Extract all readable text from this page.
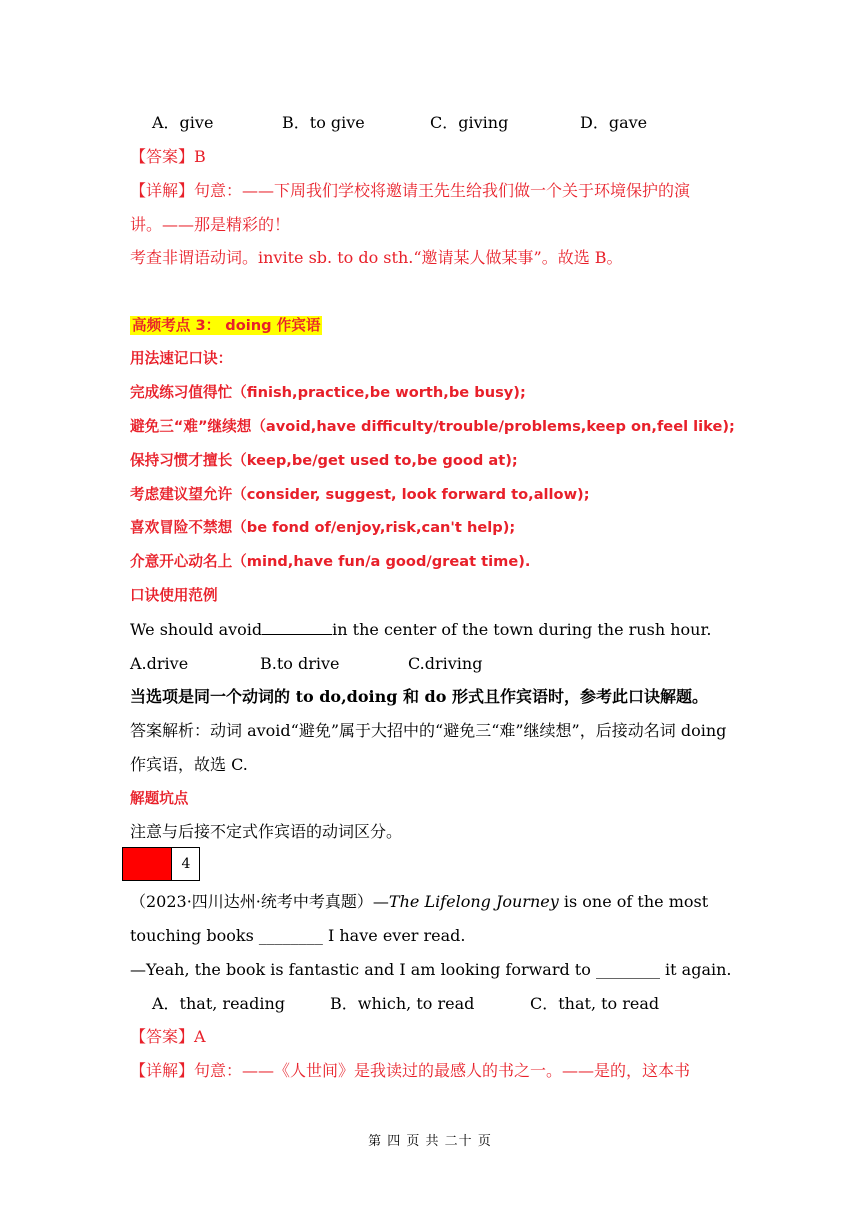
A．give	B．to give	C．giving	D．gave
【答案】B
【详解】句意：——下周我们学校将邀请王先生给我们做一个关于环境保护的演
讲。——那是精彩的！
考查非谓语动词。invite sb. to do sth.“邀请某人做某事”。故选 B。
高频考点 3： doing 作宾语
用法速记口诀：
完成练习值得忙（finish,practice,be worth,be busy);
避免三“难”继续想（avoid,have difficulty/trouble/problems,keep on,feel like);
保持习惯才擅长（keep,be/get used to,be good at);
考虑建议望允许（consider, suggest, look forward to,allow);
喜欢冒险不禁想（be fond of/enjoy,risk,can't help);
介意开心动名上（mind,have fun/a good/great time).
口诀使用范例
We should avoid	in the center of the town during the rush hour.
A.drive	B.to drive	C.driving
当选项是同一个动词的 to do,doing 和 do 形式且作宾语时，参考此口诀解题。
答案解析：动词 avoid“避免”属于大招中的“避免三“难”继续想”，后接动名词 doing
作宾语，故选 C.
解题坑点
注意与后接不定式作宾语的动词区分。
4
（2023·四川达州·统考中考真题）—The Lifelong Journey is one of the most
touching books ________ I have ever read.
—Yeah, the book is fantastic and I am looking forward to ________ it again.
A．that, reading	B．which, to read	C．that, to read
【答案】A
【详解】句意：——《人世间》是我读过的最感人的书之一。——是的，这本书
第 四 页 共 二十 页
